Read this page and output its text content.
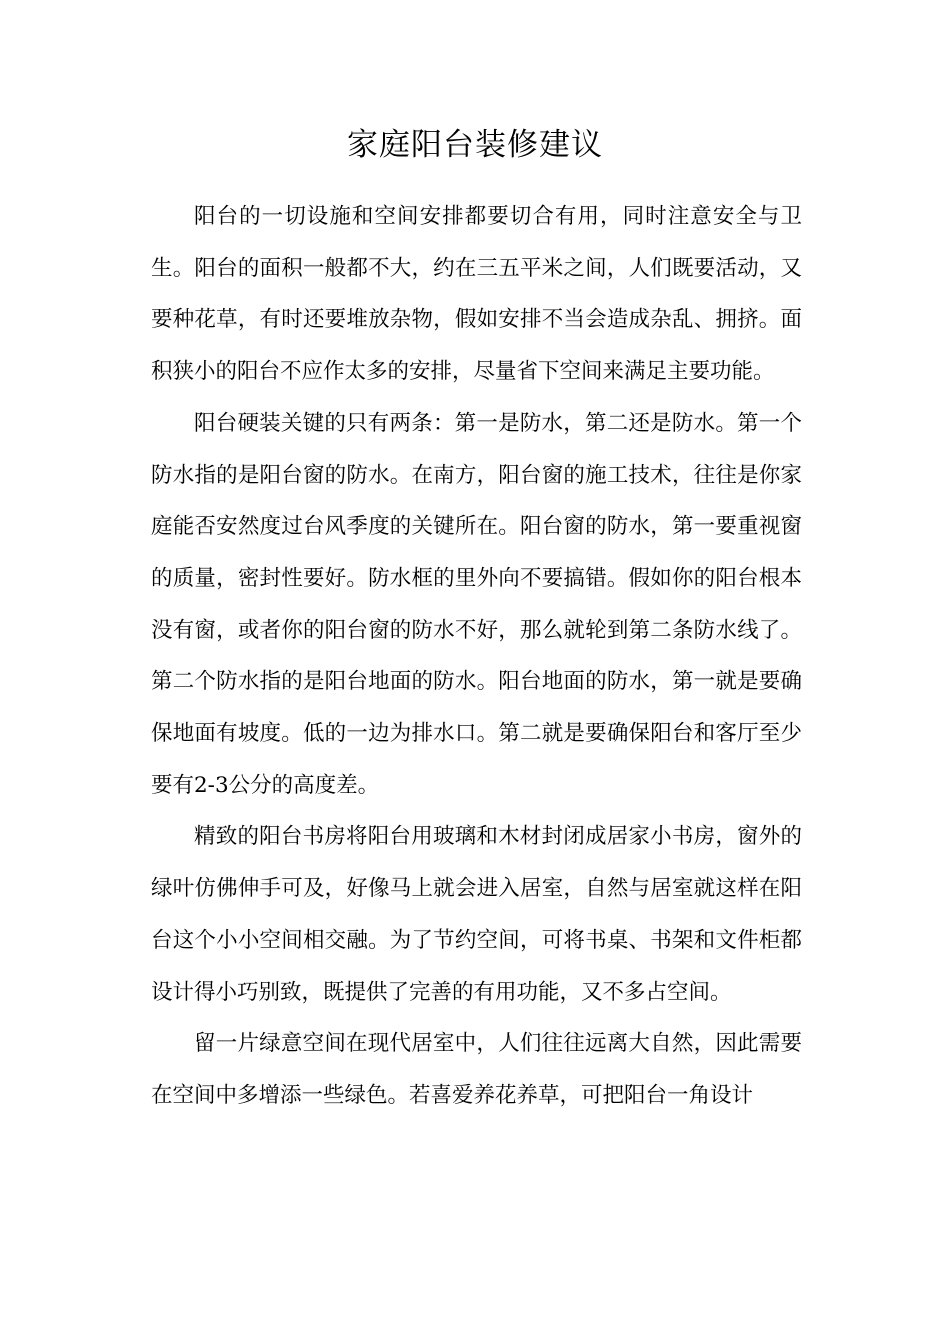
家庭阳台装修建议

阳台的一切设施和空间安排都要切合有用，同时注意安全与卫生。阳台的面积一般都不大，约在三五平米之间，人们既要活动，又要种花草，有时还要堆放杂物，假如安排不当会造成杂乱、拥挤。面积狭小的阳台不应作太多的安排，尽量省下空间来满足主要功能。

阳台硬装关键的只有两条：第一是防水，第二还是防水。第一个防水指的是阳台窗的防水。在南方，阳台窗的施工技术，往往是你家庭能否安然度过台风季度的关键所在。阳台窗的防水，第一要重视窗的质量，密封性要好。防水框的里外向不要搞错。假如你的阳台根本没有窗，或者你的阳台窗的防水不好，那么就轮到第二条防水线了。第二个防水指的是阳台地面的防水。阳台地面的防水，第一就是要确保地面有坡度。低的一边为排水口。第二就是要确保阳台和客厅至少要有2-3公分的高度差。

精致的阳台书房将阳台用玻璃和木材封闭成居家小书房，窗外的绿叶仿佛伸手可及，好像马上就会进入居室，自然与居室就这样在阳台这个小小空间相交融。为了节约空间，可将书桌、书架和文件柜都设计得小巧别致，既提供了完善的有用功能，又不多占空间。

留一片绿意空间在现代居室中，人们往往远离大自然，因此需要在空间中多增添一些绿色。若喜爱养花养草，可把阳台一角设计
